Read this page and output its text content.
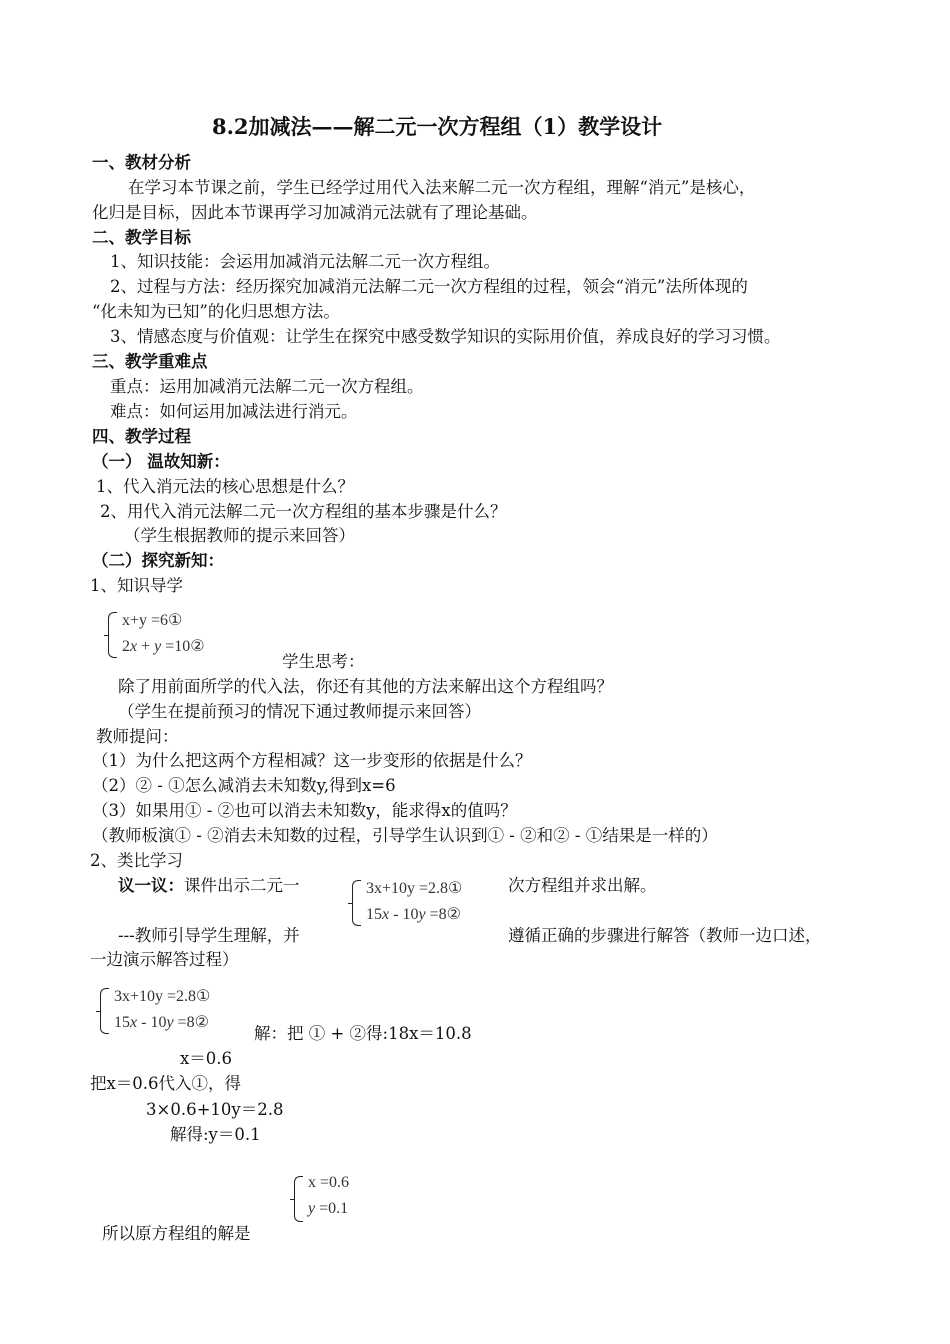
8.2加减法——解二元一次方程组（1）教学设计
一、教材分析
在学习本节课之前，学生已经学过用代入法来解二元一次方程组，理解“消元”是核心，
化归是目标，因此本节课再学习加减消元法就有了理论基础。
二、教学目标
1、知识技能：会运用加减消元法解二元一次方程组。
2、过程与方法：经历探究加减消元法解二元一次方程组的过程，领会“消元”法所体现的
“化未知为已知”的化归思想方法。
3、情感态度与价值观：让学生在探究中感受数学知识的实际用价值，养成良好的学习习惯。
三、教学重难点
重点：运用加减消元法解二元一次方程组。
难点：如何运用加减法进行消元。
四、教学过程
（一） 温故知新：
1、代入消元法的核心思想是什么？
2、用代入消元法解二元一次方程组的基本步骤是什么？
（学生根据教师的提示来回答）
（二）探究新知：
1、知识导学
x+y =6①
2x + y =10②
学生思考：
除了用前面所学的代入法，你还有其他的方法来解出这个方程组吗？
（学生在提前预习的情况下通过教师提示来回答）
教师提问：
（1）为什么把这两个方程相减？这一步变形的依据是什么？
（2）② - ①怎么减消去未知数y,得到x=6
（3）如果用① - ②也可以消去未知数y，能求得x的值吗？
（教师板演① - ②消去未知数的过程，引导学生认识到① - ②和② - ①结果是一样的）
2、类比学习
议一议：课件出示二元一	3x+10y =2.8①
15x - 10y =8②
次方程组并求出解。
---教师引导学生理解，并	遵循正确的步骤进行解答（教师一边口述，
一边演示解答过程）
3x+10y =2.8①
15x - 10y =8②
解：把 ① + ②得:18x＝10.8
x＝0.6
把x＝0.6代入①，得
3×0.6+10y＝2.8
解得:y＝0.1
x =0.6
y =0.1
所以原方程组的解是
